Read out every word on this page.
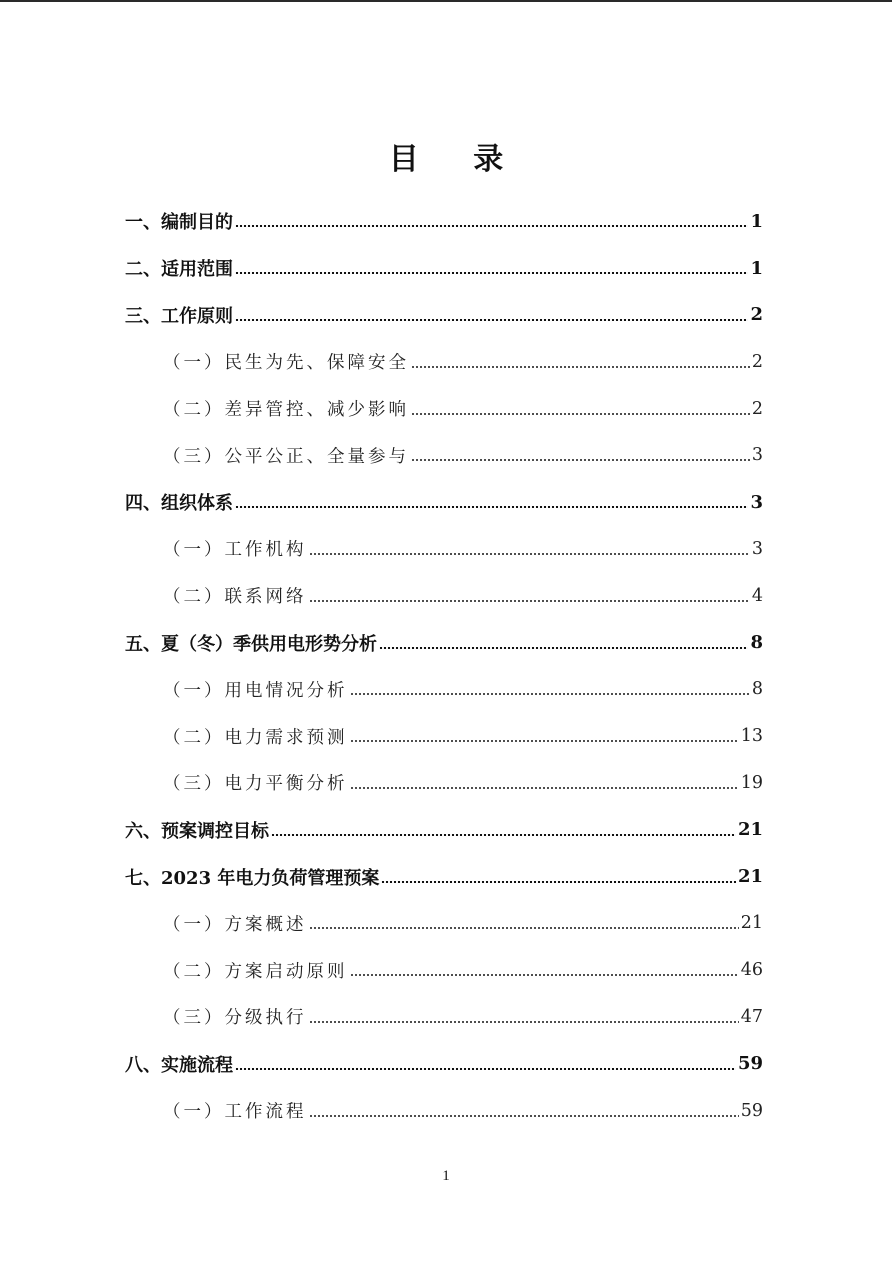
目 录
一、编制目的	1
二、适用范围	1
三、工作原则	2
（一）民生为先、保障安全	2
（二）差异管控、减少影响	2
（三）公平公正、全量参与	3
四、组织体系	3
（一）工作机构	3
（二）联系网络	4
五、夏（冬）季供用电形势分析	8
（一）用电情况分析	8
（二）电力需求预测	13
（三）电力平衡分析	19
六、预案调控目标	21
七、2023 年电力负荷管理预案	21
（一）方案概述	21
（二）方案启动原则	46
（三）分级执行	47
八、实施流程	59
（一）工作流程	59
1
